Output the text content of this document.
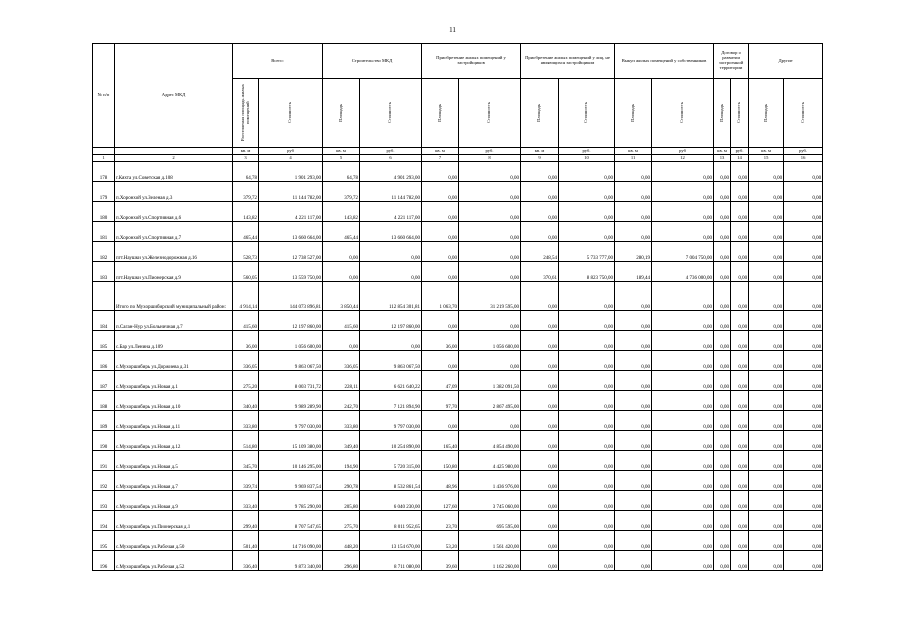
11
№ п/п	Адрес МКД	Всего:		Строительство МКД		Приобретение жилых помещений у застройщиков		Приобретение жилых помещений у лиц, не являющихся застройщиком		Выкуп жилых помещений у собственников		Договор о развитии застроенной территории		Другие	

		Расселяемая площадь жилых помещений	Стоимость	Площадь	Стоимость	Площадь	Стоимость	Площадь	Стоимость	Площадь	Стоимость	Площадь	Стоимость	Площадь	Стоимость

		кв. м	руб	кв. м	руб.	кв. м	руб.	кв. м	руб.	кв. м	руб	кв. м	руб.	кв. м	руб.
1	2	3	4	5	6	7	8	9	10	11	12	13	14	15	16
178	г.Кяхта ул.Советская д.108	64,78	1 901 293,00	64,78	4 901 293,00	0,00	0,00	0,00	0,00	0,00	0,00	0,00	0,00	0,00	0,00
179	п.Хоронхой ул.Зеленая д.3	379,72	11 144 782,00	379,72	11 144 782,00	0,00	0,00	0,00	0,00	0,00	0,00	0,00	0,00	0,00	0,00
180	п.Хоронхой ул.Спортивная д.6	143,82	4 221 117,00	143,82	4 221 117,00	0,00	0,00	0,00	0,00	0,00	0,00	0,00	0,00	0,00	0,00
181	п.Хоронхой ул.Спортивная д.7	465,44	13 660 664,00	465,44	13 660 664,00	0,00	0,00	0,00	0,00	0,00	0,00	0,00	0,00	0,00	0,00
182	пгт.Наушки ул.Железнодорожная д.16	528,73	12 738 527,00	0,00	0,00	0,00	0,00	248,54	5 733 777,00	280,19	7 004 750,00	0,00	0,00	0,00	0,00
183	пгт.Наушки ул.Пионерская д.9	560,05	13 559 750,00	0,00	0,00	0,00	0,00	370,61	8 823 750,00	189,44	4 736 000,00	0,00	0,00	0,00	0,00
	Итого по Мухоршибирский муниципальный район:	4 914,14	144 073 896,81	3 850,44	112 854 301,81	1 063,70	31 219 595,00	0,00	0,00	0,00	0,00	0,00	0,00	0,00	0,00
184	п.Саган-Нур ул.Больничная д.7	415,60	12 197 860,00	415,60	12 197 860,00	0,00	0,00	0,00	0,00	0,00	0,00	0,00	0,00	0,00	0,00
185	с.Бар ул.Ленина д.109	36,00	1 056 600,00	0,00	0,00	36,00	1 056 600,00	0,00	0,00	0,00	0,00	0,00	0,00	0,00	0,00
186	с.Мухоршибирь ул.Доржиева д.31	336,05	9 863 067,50	336,05	9 863 067,50	0,00	0,00	0,00	0,00	0,00	0,00	0,00	0,00	0,00	0,00
187	с.Мухоршибирь ул.Новая д.1	275,20	8 003 731,72	228,11	6 621 640,22	47,09	1 382 091,50	0,00	0,00	0,00	0,00	0,00	0,00	0,00	0,00
188	с.Мухоршибирь ул.Новая д.10	340,40	9 989 289,90	242,70	7 121 894,90	97,70	2 867 495,00	0,00	0,00	0,00	0,00	0,00	0,00	0,00	0,00
189	с.Мухоршибирь ул.Новая д.11	333,80	9 797 030,00	333,80	9 797 030,00	0,00	0,00	0,00	0,00	0,00	0,00	0,00	0,00	0,00	0,00
190	с.Мухоршибирь ул.Новая д.12	514,80	15 109 380,00	349,40	10 254 890,00	165,40	4 854 490,00	0,00	0,00	0,00	0,00	0,00	0,00	0,00	0,00
191	с.Мухоршибирь ул.Новая д.5	345,70	10 146 295,00	194,90	5 720 315,00	150,80	4 425 980,00	0,00	0,00	0,00	0,00	0,00	0,00	0,00	0,00
192	с.Мухоршибирь ул.Новая д.7	339,74	9 969 837,54	290,78	8 532 861,54	48,96	1 436 976,00	0,00	0,00	0,00	0,00	0,00	0,00	0,00	0,00
193	с.Мухоршибирь ул.Новая д.9	333,40	9 785 290,00	205,80	6 040 230,00	127,60	3 745 060,00	0,00	0,00	0,00	0,00	0,00	0,00	0,00	0,00
194	с.Мухоршибирь ул.Пионерская д.1	299,40	8 707 547,65	275,70	8 011 952,65	23,70	695 595,00	0,00	0,00	0,00	0,00	0,00	0,00	0,00	0,00
195	с.Мухоршибирь ул.Рабочая д.50	501,40	14 716 090,00	448,20	13 154 670,00	53,20	1 561 420,00	0,00	0,00	0,00	0,00	0,00	0,00	0,00	0,00
196	с.Мухоршибирь ул.Рабочая д.52	336,40	9 873 340,00	296,80	8 711 080,00	39,60	1 162 260,00	0,00	0,00	0,00	0,00	0,00	0,00	0,00	0,00
